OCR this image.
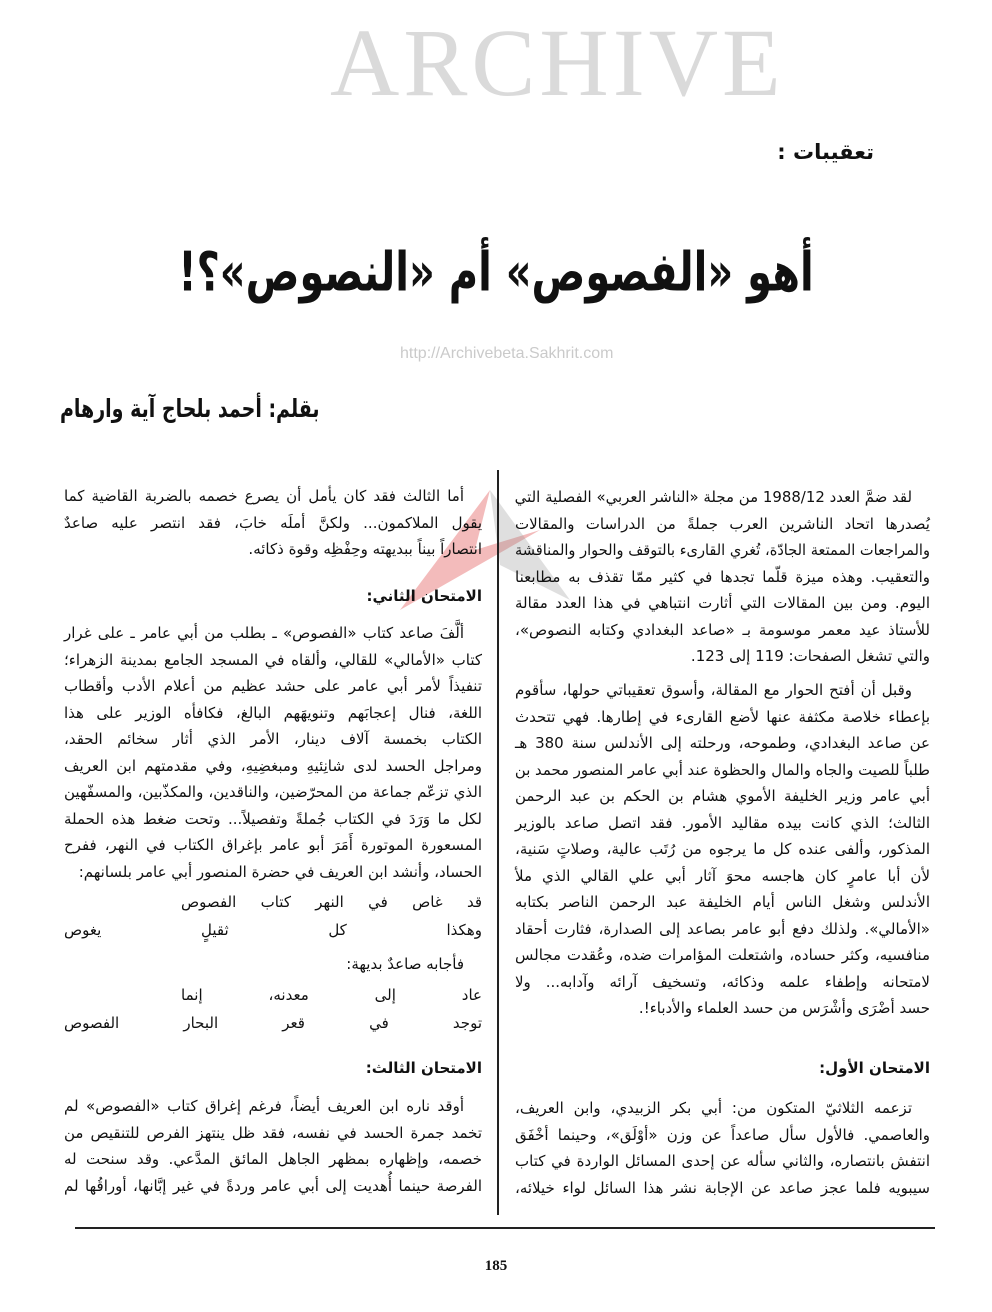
ARCHIVE
http://Archivebeta.Sakhrit.com
تعقيبات :
أهو «الفصوص» أم «النصوص»؟!
بقلم: أحمد بلحاج آية وارهام
لقد ضمَّ العدد 1988/12 من مجلة «الناشر العربي» الفصلية التي
يُصدرها اتحاد الناشرين العرب جملةً من الدراسات والمقالات
والمراجعات الممتعة الجادّة، تُغري القارىء بالتوقف والحوار والمناقشة
والتعقيب. وهذه ميزة قلّما تجدها في كثير ممّا تقذف به مطابعنا
اليوم. ومن بين المقالات التي أثارت انتباهي في هذا العدد مقالة
للأستاذ عيد معمر موسومة بـ «صاعد البغدادي وكتابه النصوص»،
والتي تشغل الصفحات: 119 إلى 123.
وقبل أن أفتح الحوار مع المقالة، وأسوق تعقيباتي حولها، سأقوم
بإعطاء خلاصة مكثفة عنها لأضع القارىء في إطارها. فهي تتحدث
عن صاعد البغدادي، وطموحه، ورحلته إلى الأندلس سنة 380 هـ
طلباً للصيت والجاه والمال والحظوة عند أبي عامر المنصور محمد بن
أبي عامر وزير الخليفة الأموي هشام بن الحكم بن عبد الرحمن
الثالث؛ الذي كانت بيده مقاليد الأمور. فقد اتصل صاعد بالوزير
المذكور، وألفى عنده كل ما يرجوه من رُتَب عالية، وصلاتٍ سَنية،
لأن أبا عامرٍ كان هاجسه محوَ آثار أبي علي القالي الذي ملأ
الأندلس وشغل الناس أيام الخليفة عبد الرحمن الناصر بكتابه
«الأمالي». ولذلك دفع أبو عامر بصاعد إلى الصدارة، فثارت أحقاد
منافسيه، وكثر حساده، واشتعلت المؤامرات ضده، وعُقدت مجالس
لامتحانه وإطفاء علمه وذكائه، وتسخيف آرائه وآدابه... ولا
حسد أضْرَى وأشْرَس من حسد العلماء والأدباء!.
الامتحان الأول:
تزعمه الثلاثيّ المتكون من: أبي بكر الزبيدي، وابن العريف،
والعاصمي. فالأول سأل صاعداً عن وزن «أوْلَق»، وحينما أخْفَق
انتفش بانتصاره، والثاني سأله عن إحدى المسائل الواردة في كتاب
سيبويه فلما عجز صاعد عن الإجابة نشر هذا السائل لواء خيلائه،
أما الثالث فقد كان يأمل أن يصرع خصمه بالضربة القاضية كما
يقول الملاكمون... ولكنَّ أملَه خابَ، فقد انتصر عليه صاعدٌ
انتصاراً بيناً ببديهته وحِفْظِه وقوة ذكائه.
الامتحان الثاني:
ألَّفَ صاعد كتاب «الفصوص» ـ بطلب من أبي عامر ـ على غرار
كتاب «الأمالي» للقالي، وألقاه في المسجد الجامع بمدينة الزهراء؛
تنفيذاً لأمر أبي عامر على حشد عظيم من أعلام الأدب وأقطاب
اللغة، فنال إعجابَهم وتنويهَهم البالغ، فكافأه الوزير على هذا
الكتاب بخمسة آلاف دينار، الأمر الذي أثار سخائم الحقد،
ومراجل الحسد لدى شانِئيهِ ومبغضِيهِ، وفي مقدمتهم ابن العريف
الذي تزعّم جماعة من المحرّضين، والناقدين، والمكذّبين، والمسفّهين
لكل ما وَرَدَ في الكتاب جُملةً وتفصيلاً... وتحت ضغط هذه الحملة
المسعورة الموتورة أَمَرَ أبو عامر بإغراق الكتاب في النهر، ففرح
الحساد، وأنشد ابن العريف في حضرة المنصور أبي عامر بلسانهم:
قد غاص في النهر كتاب الفصوص
وهكذا كل ثقيلٍ يغوص
فأجابه صاعدٌ بديهة:
عاد إلى معدنه، إنما
توجد في قعر البحار الفصوص
الامتحان الثالث:
أوقد ناره ابن العريف أيضاً، فرغم إغراق كتاب «الفصوص» لم
تخمد جمرة الحسد في نفسه، فقد ظل ينتهز الفرص للتنقيص من
خصمه، وإظهاره بمظهر الجاهل المائق المدَّعي. وقد سنحت له
الفرصة حينما أُهديت إلى أبي عامر وردةً في غير إبَّانها، أوراقُها لم
185
